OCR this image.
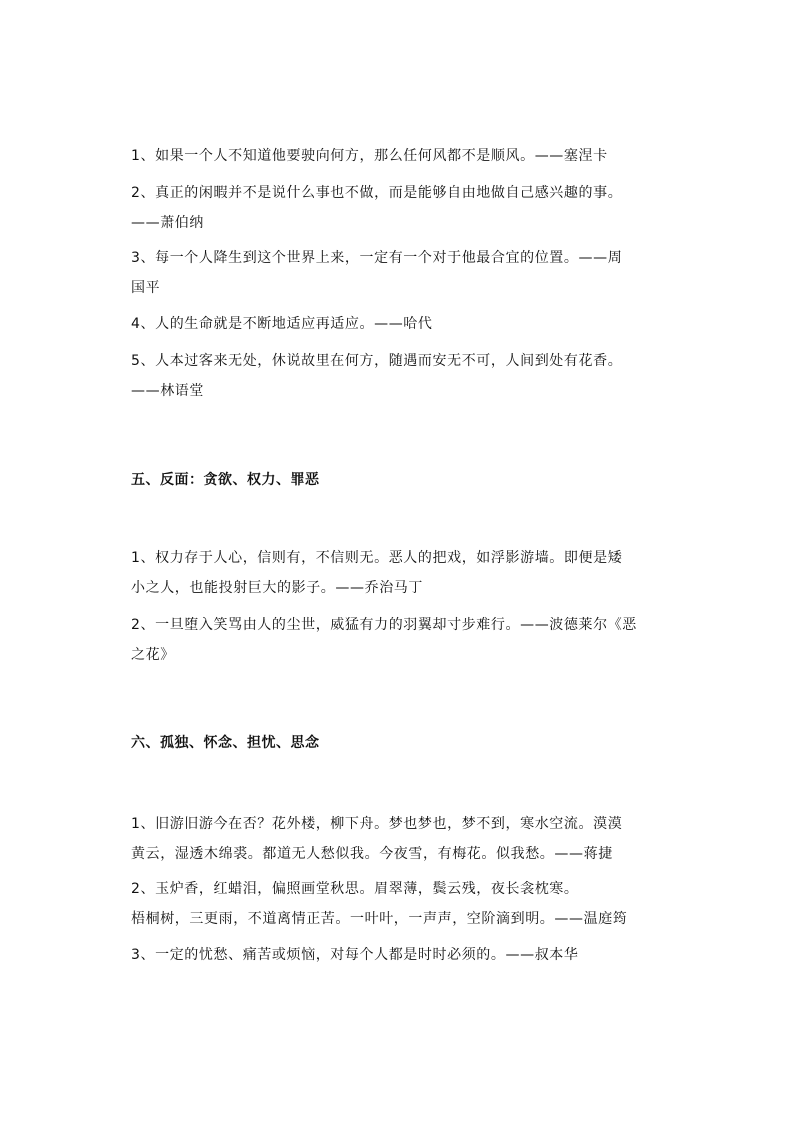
1、如果一个人不知道他要驶向何方，那么任何风都不是顺风。——塞涅卡

2、真正的闲暇并不是说什么事也不做，而是能够自由地做自己感兴趣的事。
——萧伯纳

3、每一个人降生到这个世界上来，一定有一个对于他最合宜的位置。——周
国平

4、人的生命就是不断地适应再适应。——哈代

5、人本过客来无处，休说故里在何方，随遇而安无不可，人间到处有花香。
——林语堂

五、反面：贪欲、权力、罪恶

1、权力存于人心，信则有，不信则无。恶人的把戏，如浮影游墙。即便是矮
小之人，也能投射巨大的影子。——乔治马丁

2、一旦堕入笑骂由人的尘世，威猛有力的羽翼却寸步难行。——波德莱尔《恶
之花》

六、孤独、怀念、担忧、思念

1、旧游旧游今在否？花外楼，柳下舟。梦也梦也，梦不到，寒水空流。漠漠
黄云，湿透木绵裘。都道无人愁似我。今夜雪，有梅花。似我愁。——蒋捷

2、玉炉香，红蜡泪，偏照画堂秋思。眉翠薄，鬓云残，夜长衾枕寒。
梧桐树，三更雨，不道离情正苦。一叶叶，一声声，空阶滴到明。——温庭筠

3、一定的忧愁、痛苦或烦恼，对每个人都是时时必须的。——叔本华
